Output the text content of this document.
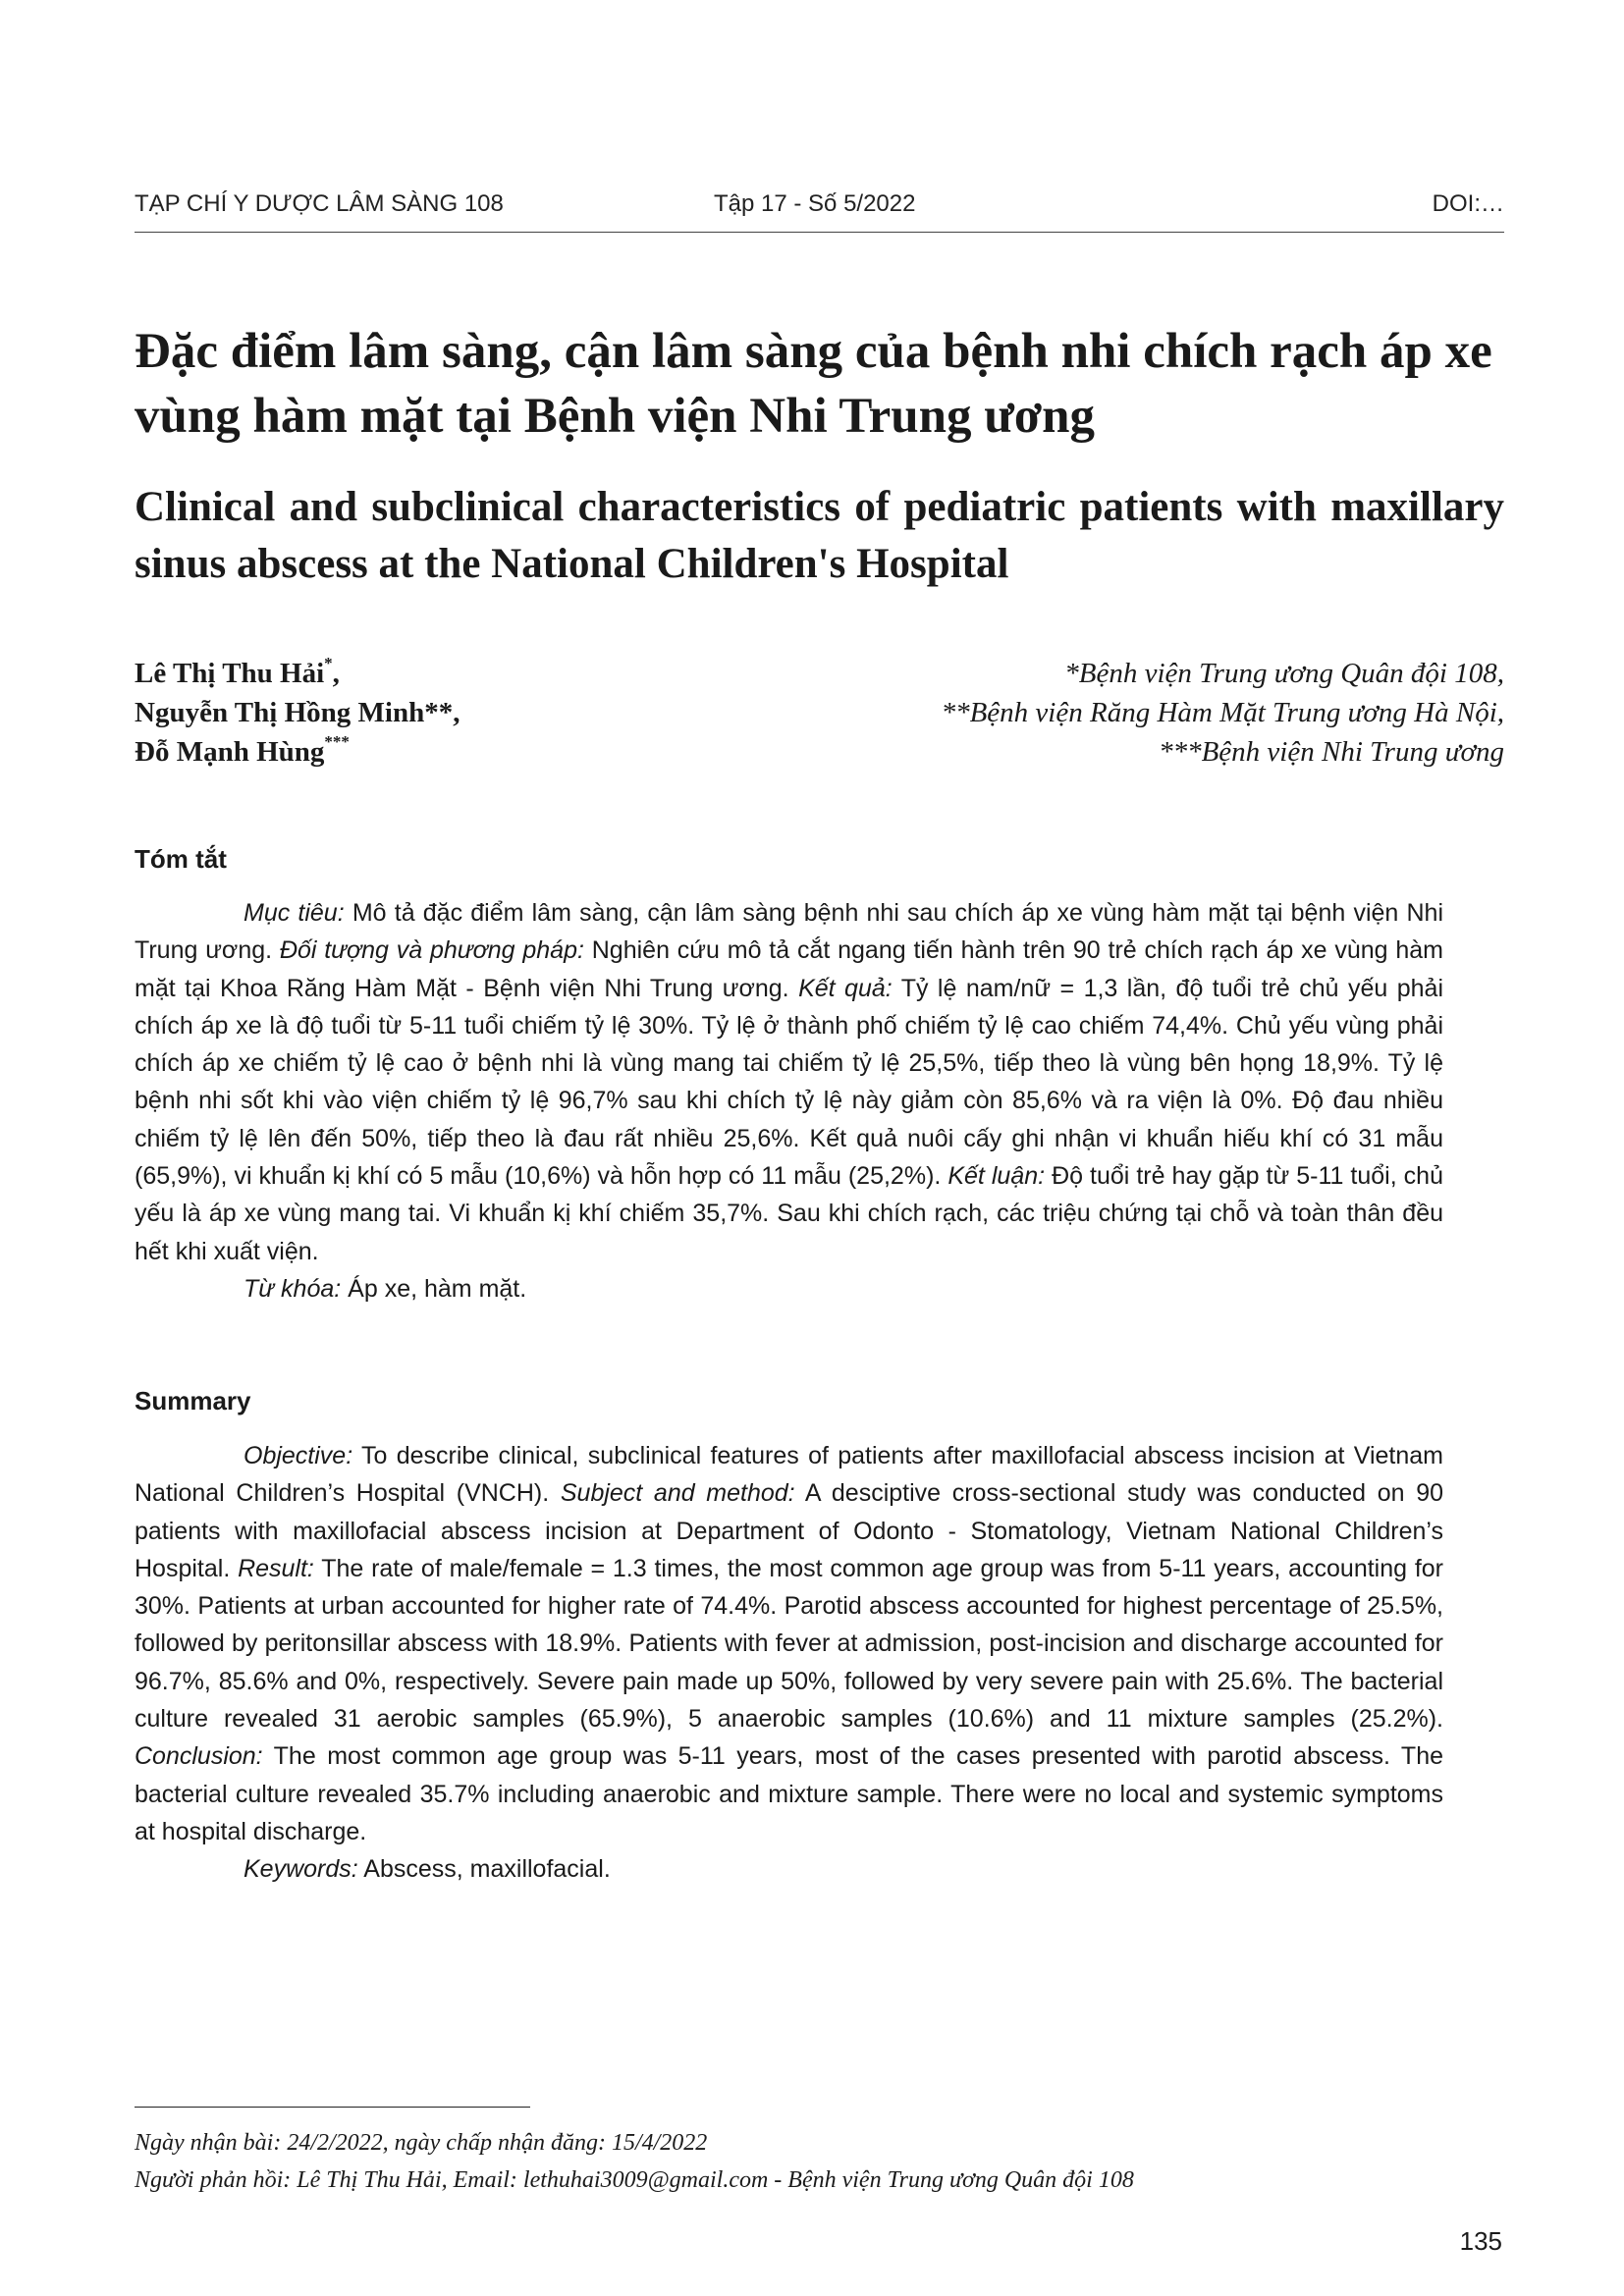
TẠP CHÍ Y DƯỢC LÂM SÀNG 108	Tập 17 - Số 5/2022	DOI:…
Đặc điểm lâm sàng, cận lâm sàng của bệnh nhi chích rạch áp xe vùng hàm mặt tại Bệnh viện Nhi Trung ương
Clinical and subclinical characteristics of pediatric patients with maxillary sinus abscess at the National Children's Hospital
Lê Thị Thu Hải*,
Nguyễn Thị Hồng Minh**,
Đỗ Mạnh Hùng***
*Bệnh viện Trung ương Quân đội 108,
**Bệnh viện Răng Hàm Mặt Trung ương Hà Nội,
***Bệnh viện Nhi Trung ương
Tóm tắt

Mục tiêu: Mô tả đặc điểm lâm sàng, cận lâm sàng bệnh nhi sau chích áp xe vùng hàm mặt tại bệnh viện Nhi Trung ương. Đối tượng và phương pháp: Nghiên cứu mô tả cắt ngang tiến hành trên 90 trẻ chích rạch áp xe vùng hàm mặt tại Khoa Răng Hàm Mặt - Bệnh viện Nhi Trung ương. Kết quả: Tỷ lệ nam/nữ = 1,3 lần, độ tuổi trẻ chủ yếu phải chích áp xe là độ tuổi từ 5-11 tuổi chiếm tỷ lệ 30%. Tỷ lệ ở thành phố chiếm tỷ lệ cao chiếm 74,4%. Chủ yếu vùng phải chích áp xe chiếm tỷ lệ cao ở bệnh nhi là vùng mang tai chiếm tỷ lệ 25,5%, tiếp theo là vùng bên họng 18,9%. Tỷ lệ bệnh nhi sốt khi vào viện chiếm tỷ lệ 96,7% sau khi chích tỷ lệ này giảm còn 85,6% và ra viện là 0%. Độ đau nhiều chiếm tỷ lệ lên đến 50%, tiếp theo là đau rất nhiều 25,6%. Kết quả nuôi cấy ghi nhận vi khuẩn hiếu khí có 31 mẫu (65,9%), vi khuẩn kị khí có 5 mẫu (10,6%) và hỗn hợp có 11 mẫu (25,2%). Kết luận: Độ tuổi trẻ hay gặp từ 5-11 tuổi, chủ yếu là áp xe vùng mang tai. Vi khuẩn kị khí chiếm 35,7%. Sau khi chích rạch, các triệu chứng tại chỗ và toàn thân đều hết khi xuất viện.

Từ khóa: Áp xe, hàm mặt.

Summary

Objective: To describe clinical, subclinical features of patients after maxillofacial abscess incision at Vietnam National Children’s Hospital (VNCH). Subject and method: A desciptive cross-sectional study was conducted on 90 patients with maxillofacial abscess incision at Department of Odonto - Stomatology, Vietnam National Children’s Hospital. Result: The rate of male/female = 1.3 times, the most common age group was from 5-11 years, accounting for 30%. Patients at urban accounted for higher rate of 74.4%. Parotid abscess accounted for highest percentage of 25.5%, followed by peritonsillar abscess with 18.9%. Patients with fever at admission, post-incision and discharge accounted for 96.7%, 85.6% and 0%, respectively. Severe pain made up 50%, followed by very severe pain with 25.6%. The bacterial culture revealed 31 aerobic samples (65.9%), 5 anaerobic samples (10.6%) and 11 mixture samples (25.2%). Conclusion: The most common age group was 5-11 years, most of the cases presented with parotid abscess. The bacterial culture revealed 35.7% including anaerobic and mixture sample. There were no local and systemic symptoms at hospital discharge.

Keywords: Abscess, maxillofacial.

Ngày nhận bài: 24/2/2022, ngày chấp nhận đăng: 15/4/2022
Người phản hồi: Lê Thị Thu Hải, Email: lethuhai3009@gmail.com - Bệnh viện Trung ương Quân đội 108
135
